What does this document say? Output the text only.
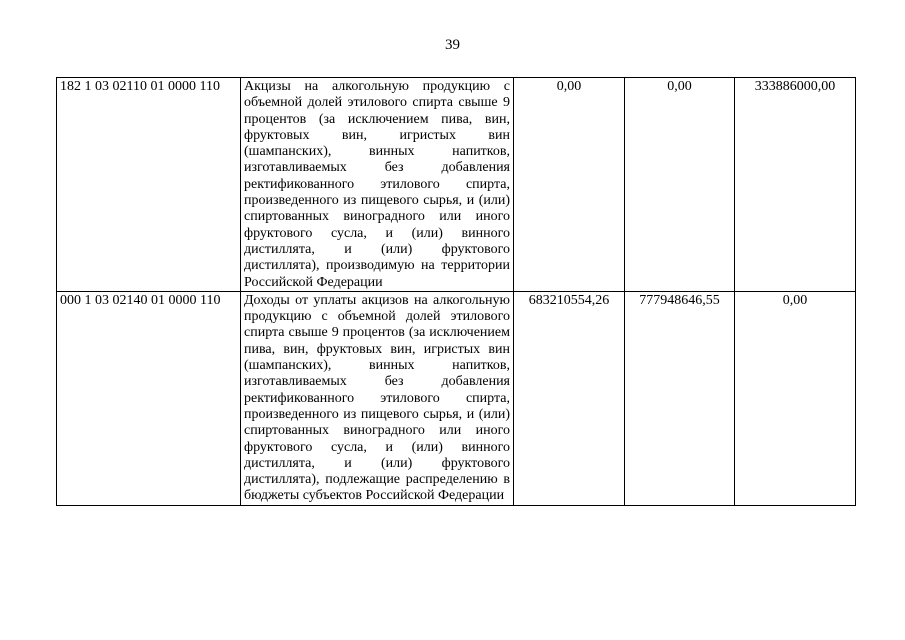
39
182 1 03 02110 01 0000 110	Акцизы на алкогольную продукцию с объемной долей этилового спирта свыше 9 процентов (за исключением пива, вин, фруктовых вин, игристых вин (шампанских), винных напитков, изготавливаемых без добавления ректификованного этилового спирта, произведенного из пищевого сырья, и (или) спиртованных виноградного или иного фруктового сусла, и (или) винного дистиллята, и (или) фруктового дистиллята), производимую на территории Российской Федерации	0,00	0,00	333886000,00
000 1 03 02140 01 0000 110	Доходы от уплаты акцизов на алкогольную продукцию с объемной долей этилового спирта свыше 9 процентов (за исключением пива, вин, фруктовых вин, игристых вин (шампанских), винных напитков, изготавливаемых без добавления ректификованного этилового спирта, произведенного из пищевого сырья, и (или) спиртованных виноградного или иного фруктового сусла, и (или) винного дистиллята, и (или) фруктового дистиллята), подлежащие распределению в бюджеты субъектов Российской Федерации	683210554,26	777948646,55	0,00
